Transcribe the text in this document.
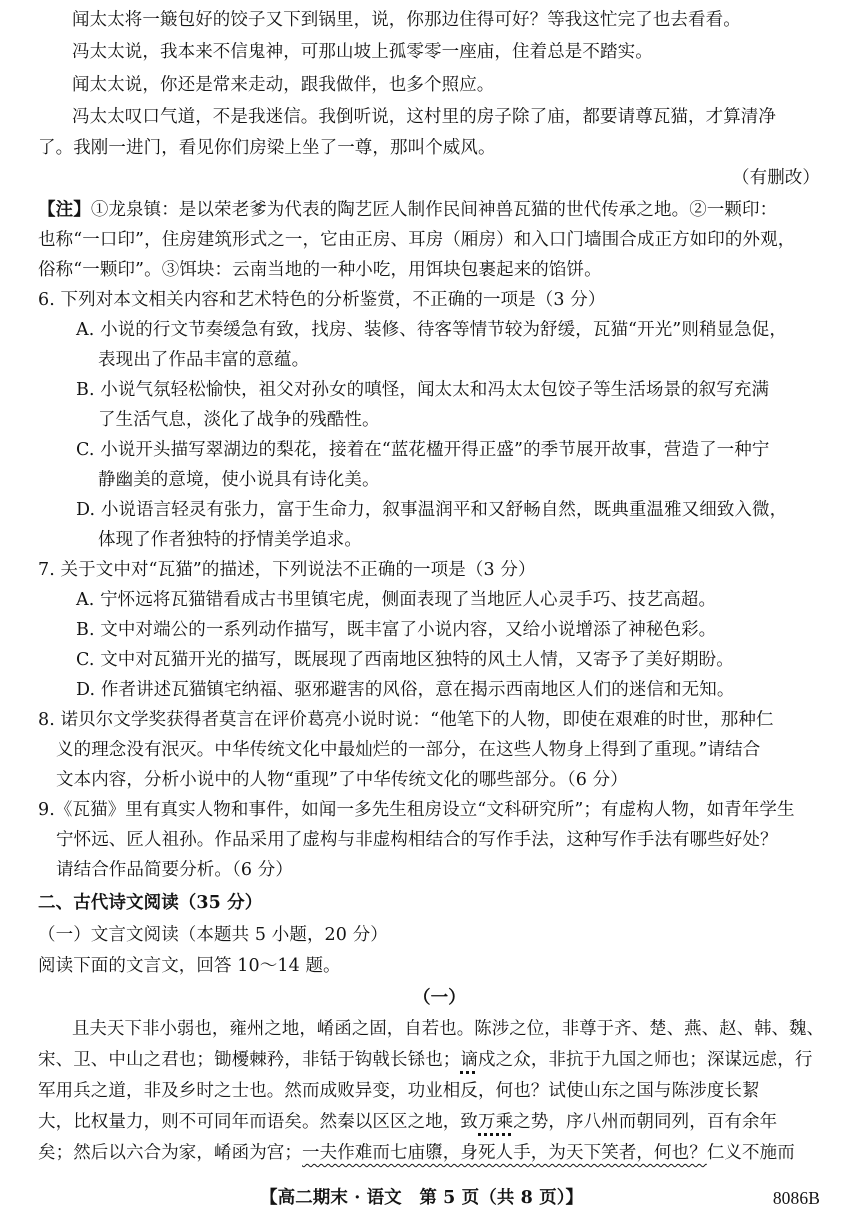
闻太太将一簸包好的饺子又下到锅里，说，你那边住得可好？等我这忙完了也去看看。
冯太太说，我本来不信鬼神，可那山坡上孤零零一座庙，住着总是不踏实。
闻太太说，你还是常来走动，跟我做伴，也多个照应。
冯太太叹口气道，不是我迷信。我倒听说，这村里的房子除了庙，都要请尊瓦猫，才算清净
了。我刚一进门，看见你们房梁上坐了一尊，那叫个威风。
（有删改）
【注】①龙泉镇：是以荣老爹为代表的陶艺匠人制作民间神兽瓦猫的世代传承之地。②一颗印：
也称“一口印”，住房建筑形式之一，它由正房、耳房（厢房）和入口门墙围合成正方如印的外观，
俗称“一颗印”。③饵块：云南当地的一种小吃，用饵块包裹起来的馅饼。
6. 下列对本文相关内容和艺术特色的分析鉴赏，不正确的一项是（3 分）
A. 小说的行文节奏缓急有致，找房、装修、待客等情节较为舒缓，瓦猫“开光”则稍显急促，
表现出了作品丰富的意蕴。
B. 小说气氛轻松愉快，祖父对孙女的嗔怪，闻太太和冯太太包饺子等生活场景的叙写充满
了生活气息，淡化了战争的残酷性。
C. 小说开头描写翠湖边的梨花，接着在“蓝花楹开得正盛”的季节展开故事，营造了一种宁
静幽美的意境，使小说具有诗化美。
D. 小说语言轻灵有张力，富于生命力，叙事温润平和又舒畅自然，既典重温雅又细致入微，
体现了作者独特的抒情美学追求。
7. 关于文中对“瓦猫”的描述，下列说法不正确的一项是（3 分）
A. 宁怀远将瓦猫错看成古书里镇宅虎，侧面表现了当地匠人心灵手巧、技艺高超。
B. 文中对端公的一系列动作描写，既丰富了小说内容，又给小说增添了神秘色彩。
C. 文中对瓦猫开光的描写，既展现了西南地区独特的风土人情，又寄予了美好期盼。
D. 作者讲述瓦猫镇宅纳福、驱邪避害的风俗，意在揭示西南地区人们的迷信和无知。
8. 诺贝尔文学奖获得者莫言在评价葛亮小说时说：“他笔下的人物，即使在艰难的时世，那种仁
义的理念没有泯灭。中华传统文化中最灿烂的一部分，在这些人物身上得到了重现。”请结合
文本内容，分析小说中的人物“重现”了中华传统文化的哪些部分。（6 分）
9.《瓦猫》里有真实人物和事件，如闻一多先生租房设立“文科研究所”；有虚构人物，如青年学生
宁怀远、匠人祖孙。作品采用了虚构与非虚构相结合的写作手法，这种写作手法有哪些好处？
请结合作品简要分析。（6 分）
二、古代诗文阅读（35 分）
（一）文言文阅读（本题共 5 小题，20 分）
阅读下面的文言文，回答 10～14 题。
（一）
且夫天下非小弱也，雍州之地，崤函之固，自若也。陈涉之位，非尊于齐、楚、燕、赵、韩、魏、
宋、卫、中山之君也；锄櫌棘矜，非铦于钩戟长铩也；谪戍之众，非抗于九国之师也；深谋远虑，行
军用兵之道，非及乡时之士也。然而成败异变，功业相反，何也？试使山东之国与陈涉度长絜
大，比权量力，则不可同年而语矣。然秦以区区之地，致万乘之势，序八州而朝同列，百有余年
矣；然后以六合为家，崤函为宫；一夫作难而七庙隳，身死人手，为天下笑者，何也？仁义不施而
【高二期末 · 语文　第 5 页（共 8 页）】	8086B
